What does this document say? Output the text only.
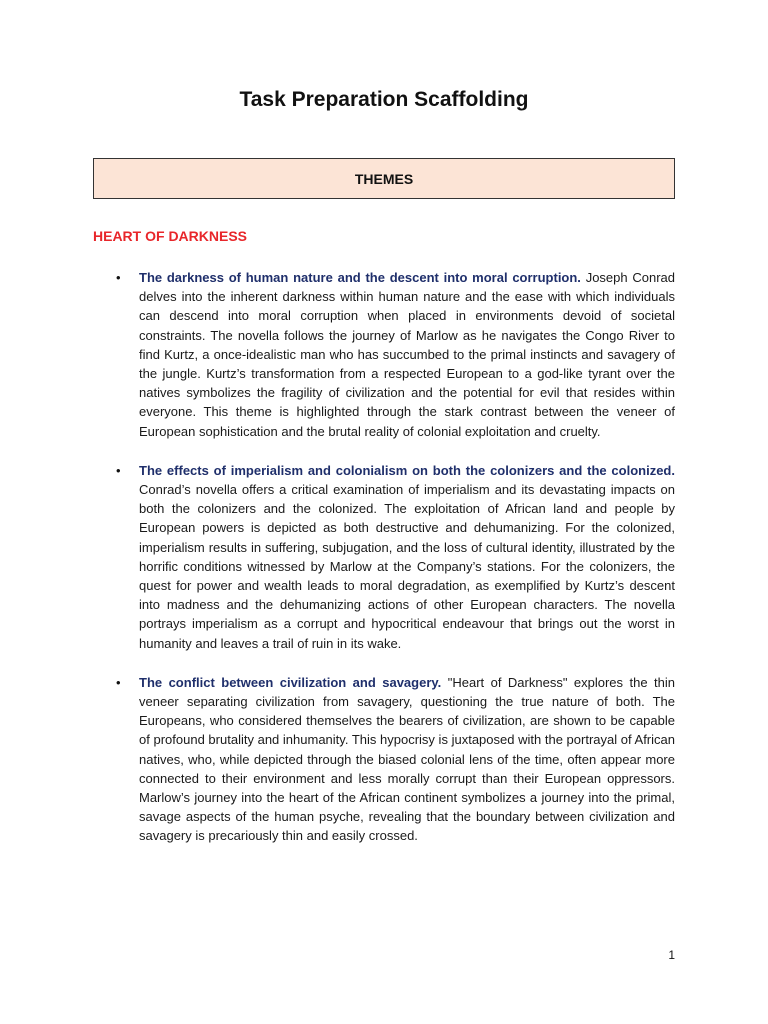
Task Preparation Scaffolding
THEMES
HEART OF DARKNESS
• The darkness of human nature and the descent into moral corruption. Joseph Conrad delves into the inherent darkness within human nature and the ease with which individuals can descend into moral corruption when placed in environments devoid of societal constraints. The novella follows the journey of Marlow as he navigates the Congo River to find Kurtz, a once-idealistic man who has succumbed to the primal instincts and savagery of the jungle. Kurtz’s transformation from a respected European to a god-like tyrant over the natives symbolizes the fragility of civilization and the potential for evil that resides within everyone. This theme is highlighted through the stark contrast between the veneer of European sophistication and the brutal reality of colonial exploitation and cruelty.
• The effects of imperialism and colonialism on both the colonizers and the colonized. Conrad’s novella offers a critical examination of imperialism and its devastating impacts on both the colonizers and the colonized. The exploitation of African land and people by European powers is depicted as both destructive and dehumanizing. For the colonized, imperialism results in suffering, subjugation, and the loss of cultural identity, illustrated by the horrific conditions witnessed by Marlow at the Company’s stations. For the colonizers, the quest for power and wealth leads to moral degradation, as exemplified by Kurtz’s descent into madness and the dehumanizing actions of other European characters. The novella portrays imperialism as a corrupt and hypocritical endeavour that brings out the worst in humanity and leaves a trail of ruin in its wake.
• The conflict between civilization and savagery. "Heart of Darkness" explores the thin veneer separating civilization from savagery, questioning the true nature of both. The Europeans, who considered themselves the bearers of civilization, are shown to be capable of profound brutality and inhumanity. This hypocrisy is juxtaposed with the portrayal of African natives, who, while depicted through the biased colonial lens of the time, often appear more connected to their environment and less morally corrupt than their European oppressors. Marlow’s journey into the heart of the African continent symbolizes a journey into the primal, savage aspects of the human psyche, revealing that the boundary between civilization and savagery is precariously thin and easily crossed.
1
